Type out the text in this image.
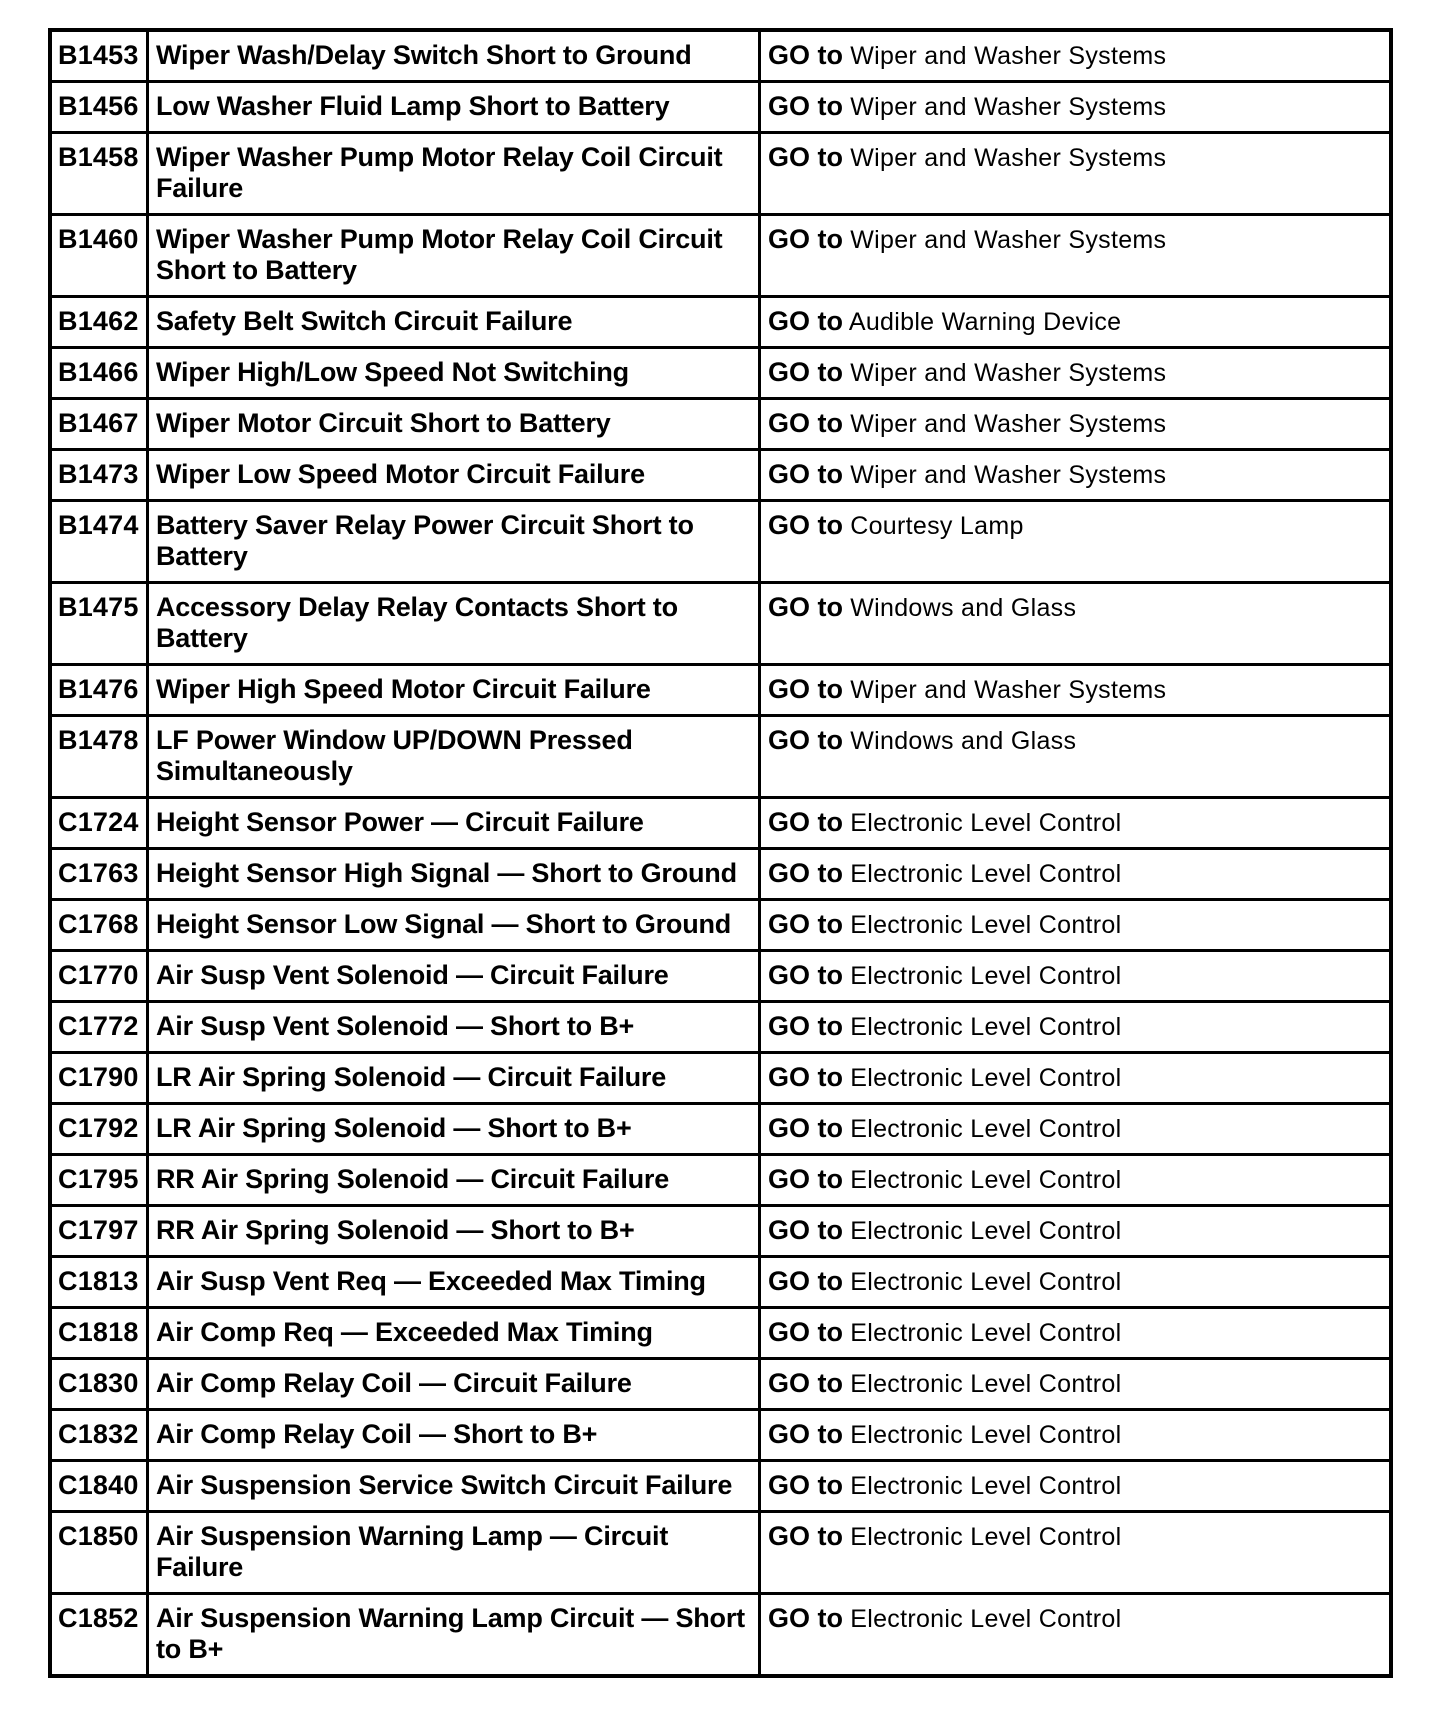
B1453	Wiper Wash/Delay Switch Short to Ground	GO to Wiper and Washer Systems
B1456	Low Washer Fluid Lamp Short to Battery	GO to Wiper and Washer Systems
B1458	Wiper Washer Pump Motor Relay Coil Circuit Failure	GO to Wiper and Washer Systems
B1460	Wiper Washer Pump Motor Relay Coil Circuit Short to Battery	GO to Wiper and Washer Systems
B1462	Safety Belt Switch Circuit Failure	GO to Audible Warning Device
B1466	Wiper High/Low Speed Not Switching	GO to Wiper and Washer Systems
B1467	Wiper Motor Circuit Short to Battery	GO to Wiper and Washer Systems
B1473	Wiper Low Speed Motor Circuit Failure	GO to Wiper and Washer Systems
B1474	Battery Saver Relay Power Circuit Short to Battery	GO to Courtesy Lamp
B1475	Accessory Delay Relay Contacts Short to Battery	GO to Windows and Glass
B1476	Wiper High Speed Motor Circuit Failure	GO to Wiper and Washer Systems
B1478	LF Power Window UP/DOWN Pressed Simultaneously	GO to Windows and Glass
C1724	Height Sensor Power — Circuit Failure	GO to Electronic Level Control
C1763	Height Sensor High Signal — Short to Ground	GO to Electronic Level Control
C1768	Height Sensor Low Signal — Short to Ground	GO to Electronic Level Control
C1770	Air Susp Vent Solenoid — Circuit Failure	GO to Electronic Level Control
C1772	Air Susp Vent Solenoid — Short to B+	GO to Electronic Level Control
C1790	LR Air Spring Solenoid — Circuit Failure	GO to Electronic Level Control
C1792	LR Air Spring Solenoid — Short to B+	GO to Electronic Level Control
C1795	RR Air Spring Solenoid — Circuit Failure	GO to Electronic Level Control
C1797	RR Air Spring Solenoid — Short to B+	GO to Electronic Level Control
C1813	Air Susp Vent Req — Exceeded Max Timing	GO to Electronic Level Control
C1818	Air Comp Req — Exceeded Max Timing	GO to Electronic Level Control
C1830	Air Comp Relay Coil — Circuit Failure	GO to Electronic Level Control
C1832	Air Comp Relay Coil — Short to B+	GO to Electronic Level Control
C1840	Air Suspension Service Switch Circuit Failure	GO to Electronic Level Control
C1850	Air Suspension Warning Lamp — Circuit Failure	GO to Electronic Level Control
C1852	Air Suspension Warning Lamp Circuit — Short to B+	GO to Electronic Level Control
